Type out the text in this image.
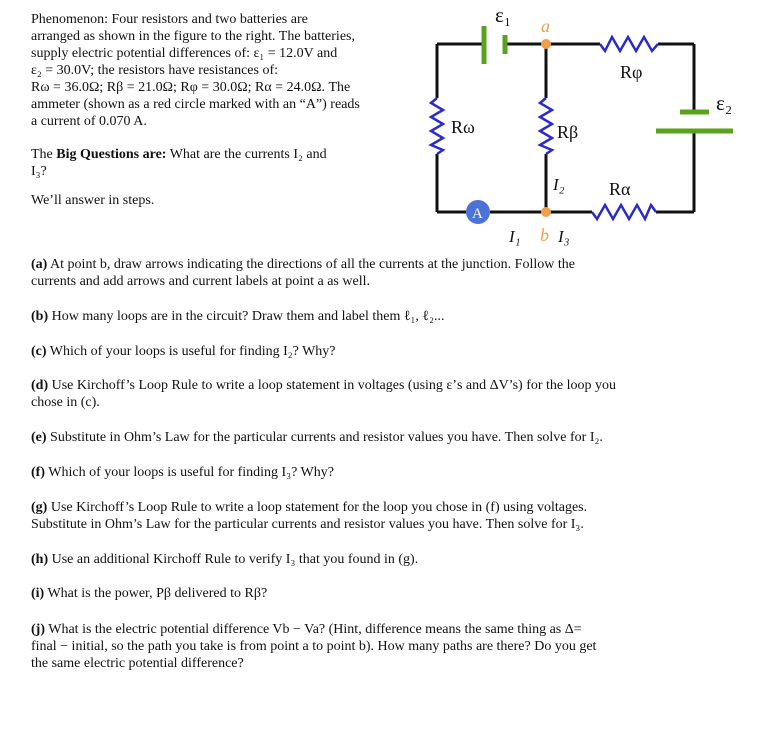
Phenomenon: Four resistors and two batteries are
arranged as shown in the figure to the right. The batteries,
supply electric potential differences of: ε₁ = 12.0V and
ε₂ = 30.0V; the resistors have resistances of:
Rω = 36.0Ω; Rβ = 21.0Ω; Rφ = 30.0Ω; Rα = 24.0Ω. The
ammeter (shown as a red circle marked with an “A”) reads
a current of 0.070 A.
The Big Questions are: What are the currents I₂ and
I₃?
We’ll answer in steps.
ε₁
ε₂
Rω	Rβ
Rφ
Rα
a
b
A
I₁
I₂
I₃
(a) At point b, draw arrows indicating the directions of all the currents at the junction. Follow the
currents and add arrows and current labels at point a as well.
(b) How many loops are in the circuit? Draw them and label them ℓ₁, ℓ₂...
(c) Which of your loops is useful for finding I₂? Why?
(d) Use Kirchoff’s Loop Rule to write a loop statement in voltages (using ε’s and ΔV’s) for the loop you
chose in (c).
(e) Substitute in Ohm’s Law for the particular currents and resistor values you have. Then solve for I₂.
(f) Which of your loops is useful for finding I₃? Why?
(g) Use Kirchoff’s Loop Rule to write a loop statement for the loop you chose in (f) using voltages.
Substitute in Ohm’s Law for the particular currents and resistor values you have. Then solve for I₃.
(h) Use an additional Kirchoff Rule to verify I₃ that you found in (g).
(i) What is the power, Pβ delivered to Rβ?
(j) What is the electric potential difference Vb − Va? (Hint, difference means the same thing as Δ=
final − initial, so the path you take is from point a to point b). How many paths are there? Do you get
the same electric potential difference?
